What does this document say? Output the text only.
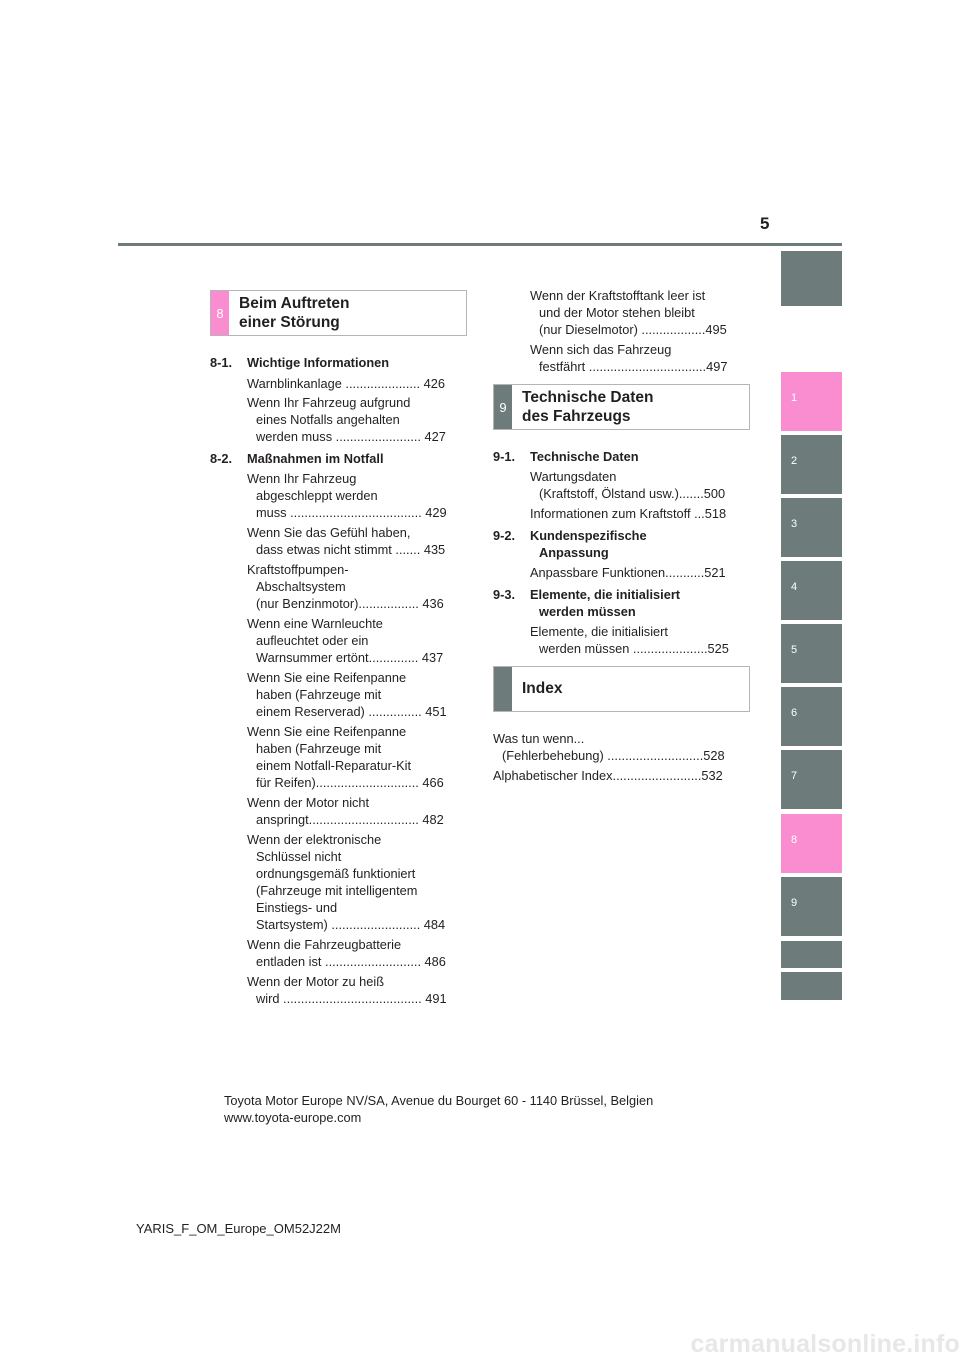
5
1
2
3
4
5
6
7
8
9
8
Beim Auftreten
einer Störung
8-1. Wichtige Informationen
Warnblinkanlage ..................... 426
Wenn Ihr Fahrzeug aufgrund
eines Notfalls angehalten
werden muss ........................ 427
8-2. Maßnahmen im Notfall
Wenn Ihr Fahrzeug
abgeschleppt werden
muss ..................................... 429
Wenn Sie das Gefühl haben,
dass etwas nicht stimmt ....... 435
Kraftstoffpumpen-
Abschaltsystem
(nur Benzinmotor)................. 436
Wenn eine Warnleuchte
aufleuchtet oder ein
Warnsummer ertönt.............. 437
Wenn Sie eine Reifenpanne
haben (Fahrzeuge mit
einem Reserverad) ............... 451
Wenn Sie eine Reifenpanne
haben (Fahrzeuge mit
einem Notfall-Reparatur-Kit
für Reifen)............................. 466
Wenn der Motor nicht
anspringt............................... 482
Wenn der elektronische
Schlüssel nicht
ordnungsgemäß funktioniert
(Fahrzeuge mit intelligentem
Einstiegs- und
Startsystem) ......................... 484
Wenn die Fahrzeugbatterie
entladen ist ........................... 486
Wenn der Motor zu heiß
wird ....................................... 491
Wenn der Kraftstofftank leer ist
und der Motor stehen bleibt
(nur Dieselmotor) ..................495
Wenn sich das Fahrzeug
festfährt .................................497
9
Technische Daten
des Fahrzeugs
9-1. Technische Daten
Wartungsdaten
(Kraftstoff, Ölstand usw.).......500
Informationen zum Kraftstoff ...518
9-2. Kundenspezifische
Anpassung
Anpassbare Funktionen...........521
9-3. Elemente, die initialisiert
werden müssen
Elemente, die initialisiert
werden müssen .....................525
Index
Was tun wenn...
(Fehlerbehebung) ...........................528
Alphabetischer Index.........................532
Toyota Motor Europe NV/SA, Avenue du Bourget 60 - 1140 Brüssel, Belgien
www.toyota-europe.com
YARIS_F_OM_Europe_OM52J22M
carmanualsonline.info
